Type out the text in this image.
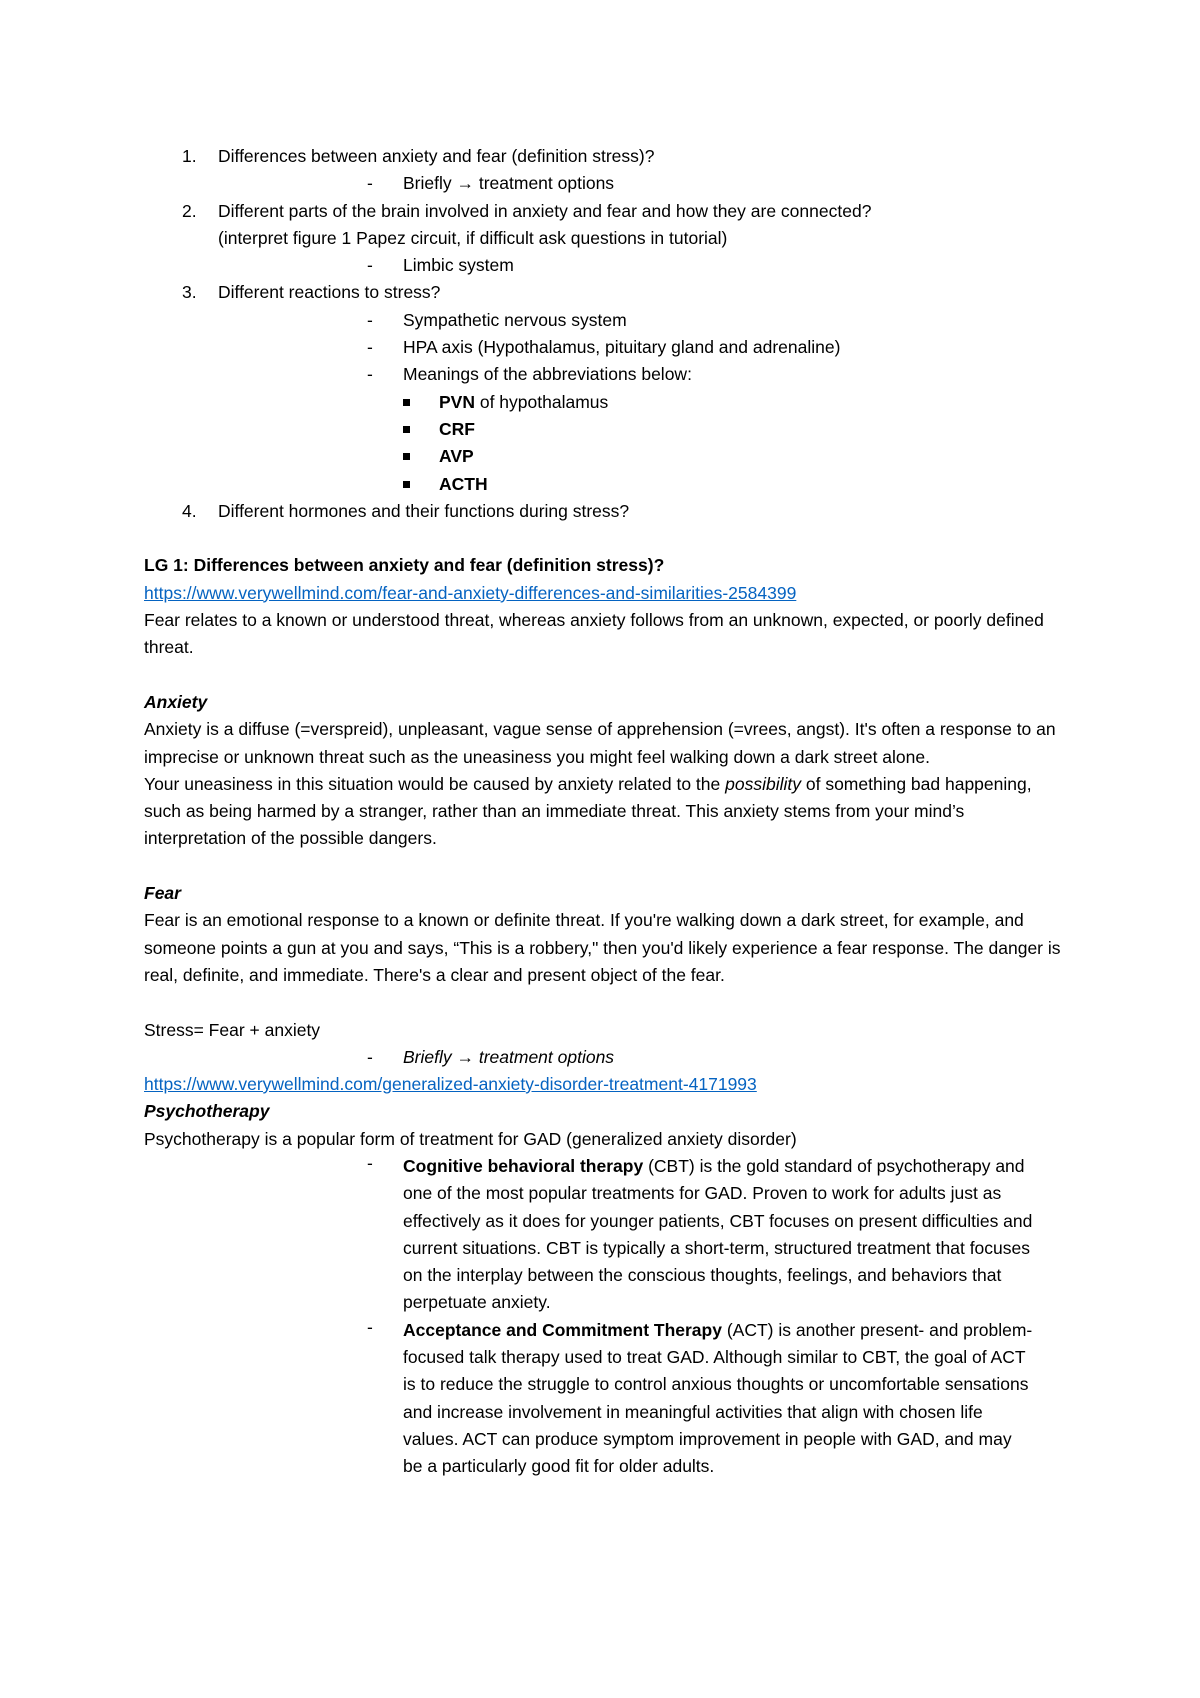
1. Differences between anxiety and fear (definition stress)?
- Briefly → treatment options
2. Different parts of the brain involved in anxiety and fear and how they are connected?
(interpret figure 1 Papez circuit, if difficult ask questions in tutorial)
- Limbic system
3. Different reactions to stress?
- Sympathetic nervous system
- HPA axis (Hypothalamus, pituitary gland and adrenaline)
- Meanings of the abbreviations below:
PVN of hypothalamus
CRF
AVP
ACTH
4. Different hormones and their functions during stress?
LG 1: Differences between anxiety and fear (definition stress)?
https://www.verywellmind.com/fear-and-anxiety-differences-and-similarities-2584399
Fear relates to a known or understood threat, whereas anxiety follows from an unknown, expected, or poorly defined threat.
Anxiety
Anxiety is a diffuse (=verspreid), unpleasant, vague sense of apprehension (=vrees, angst). It's often a response to an imprecise or unknown threat such as the uneasiness you might feel walking down a dark street alone.
Your uneasiness in this situation would be caused by anxiety related to the possibility of something bad happening, such as being harmed by a stranger, rather than an immediate threat. This anxiety stems from your mind’s interpretation of the possible dangers.
Fear
Fear is an emotional response to a known or definite threat. If you're walking down a dark street, for example, and someone points a gun at you and says, “This is a robbery," then you'd likely experience a fear response. The danger is real, definite, and immediate. There's a clear and present object of the fear.
Stress= Fear + anxiety
- Briefly → treatment options
https://www.verywellmind.com/generalized-anxiety-disorder-treatment-4171993
Psychotherapy
Psychotherapy is a popular form of treatment for GAD (generalized anxiety disorder)
- Cognitive behavioral therapy (CBT) is the gold standard of psychotherapy and one of the most popular treatments for GAD. Proven to work for adults just as effectively as it does for younger patients, CBT focuses on present difficulties and current situations. CBT is typically a short-term, structured treatment that focuses on the interplay between the conscious thoughts, feelings, and behaviors that perpetuate anxiety.
- Acceptance and Commitment Therapy (ACT) is another present- and problem-focused talk therapy used to treat GAD. Although similar to CBT, the goal of ACT is to reduce the struggle to control anxious thoughts or uncomfortable sensations and increase involvement in meaningful activities that align with chosen life values. ACT can produce symptom improvement in people with GAD, and may be a particularly good fit for older adults.
